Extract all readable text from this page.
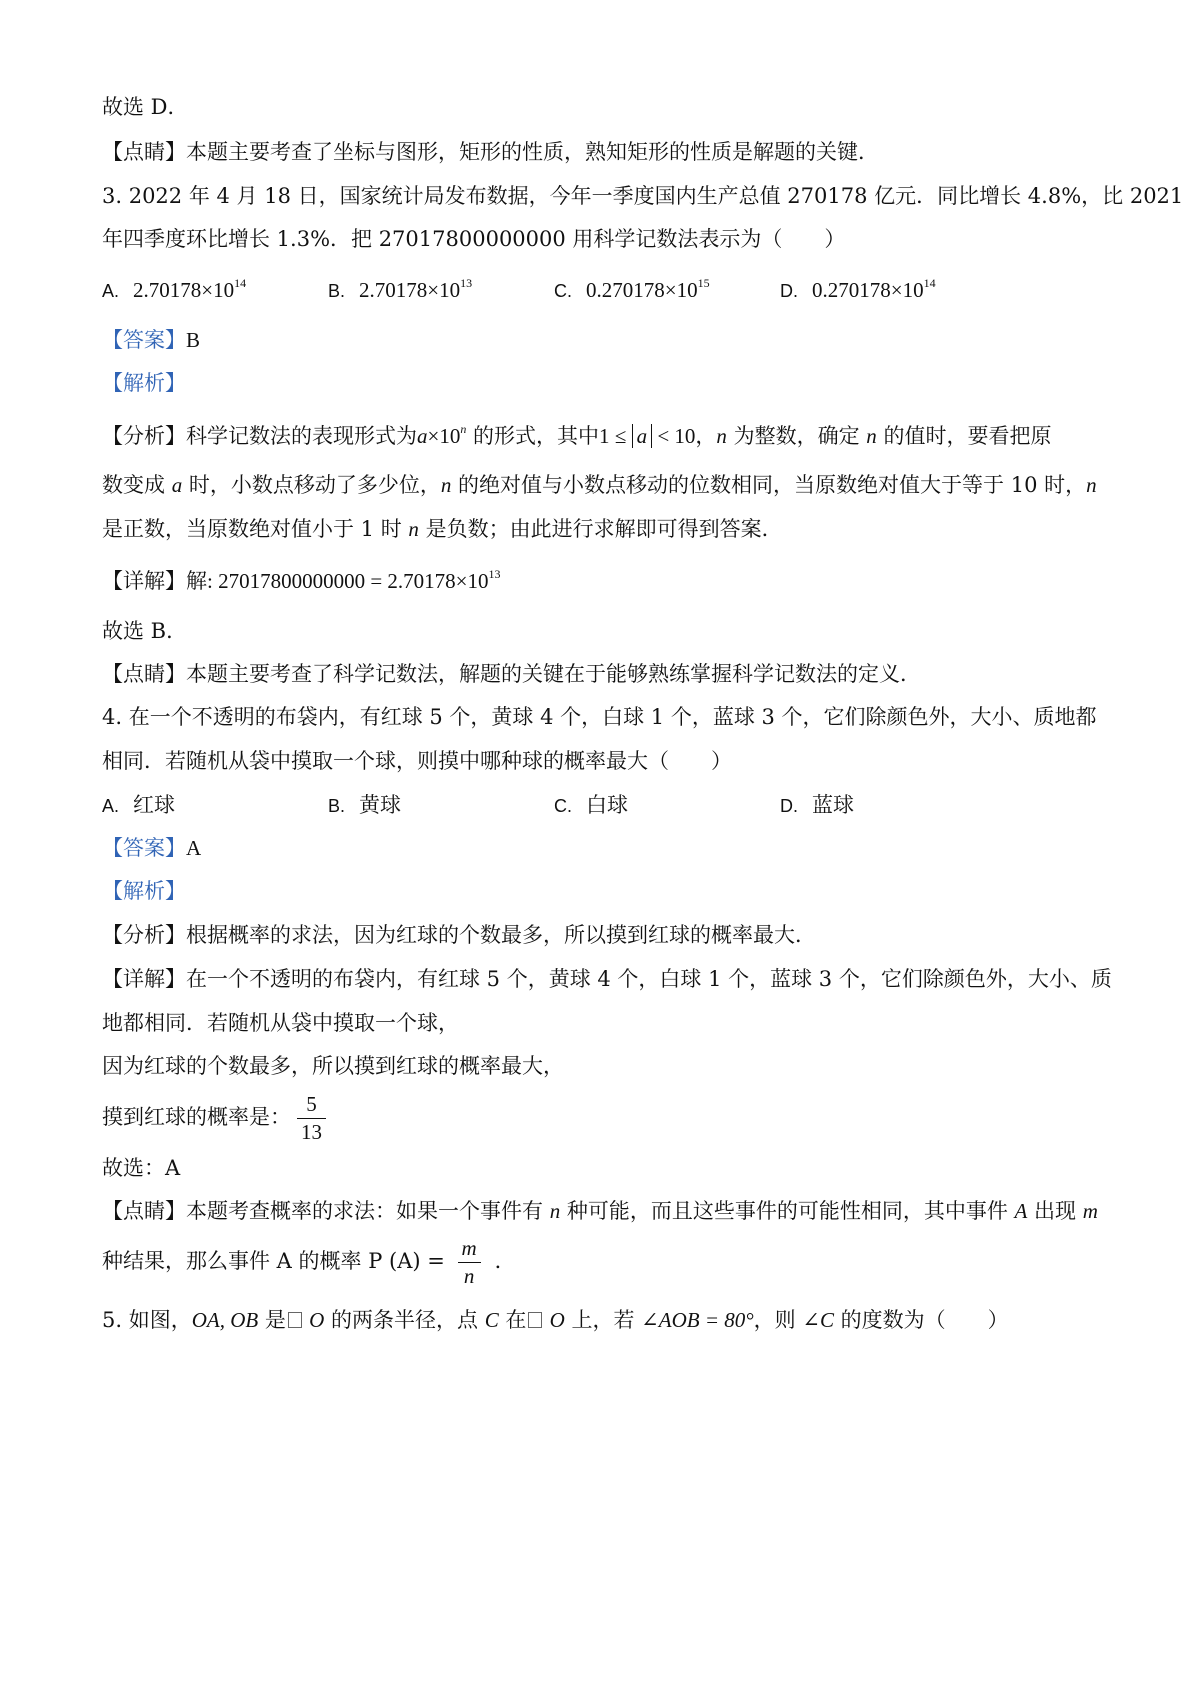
故选 D．
【点睛】本题主要考查了坐标与图形，矩形的性质，熟知矩形的性质是解题的关键．
3. 2022 年 4 月 18 日，国家统计局发布数据，今年一季度国内生产总值 270178 亿元．同比增长 4.8%，比 2021
年四季度环比增长 1.3%．把 27017800000000 用科学记数法表示为（　　）
A. $2.70178\times 10^{14}$	B. $2.70178\times 10^{13}$	C. $0.270178\times 10^{15}$	D. $0.270178\times 10^{14}$
【答案】B
【解析】
【分析】科学记数法的表现形式为$a\times 10^n$ 的形式，其中1 ≤ a < 10，n 为整数，确定 n 的值时，要看把原
数变成 a 时，小数点移动了多少位，n 的绝对值与小数点移动的位数相同，当原数绝对值大于等于 10 时，n
是正数，当原数绝对值小于 1 时 n 是负数；由此进行求解即可得到答案．
【详解】解: $27017800000000 = 2.70178\times 10^{13}$
故选 B．
【点睛】本题主要考查了科学记数法，解题的关键在于能够熟练掌握科学记数法的定义．
4. 在一个不透明的布袋内，有红球 5 个，黄球 4 个，白球 1 个，蓝球 3 个，它们除颜色外，大小、质地都
相同．若随机从袋中摸取一个球，则摸中哪种球的概率最大（　　）
A. 红球	B. 黄球	C. 白球	D. 蓝球
【答案】A
【解析】
【分析】根据概率的求法，因为红球的个数最多，所以摸到红球的概率最大．
【详解】在一个不透明的布袋内，有红球 5 个，黄球 4 个，白球 1 个，蓝球 3 个，它们除颜色外，大小、质
地都相同．若随机从袋中摸取一个球，
因为红球的个数最多，所以摸到红球的概率最大，
摸到红球的概率是： $\frac{5}{13}$
故选：A
【点睛】本题考查概率的求法：如果一个事件有 n 种可能，而且这些事件的可能性相同，其中事件 A 出现 m
种结果，那么事件 A 的概率 P $(A) = \frac{m}{n}$ ．
5. 如图，OA, OB 是 O 的两条半径，点 C 在 O 上，若 ∠AOB = 80°，则 ∠C 的度数为（　　）
